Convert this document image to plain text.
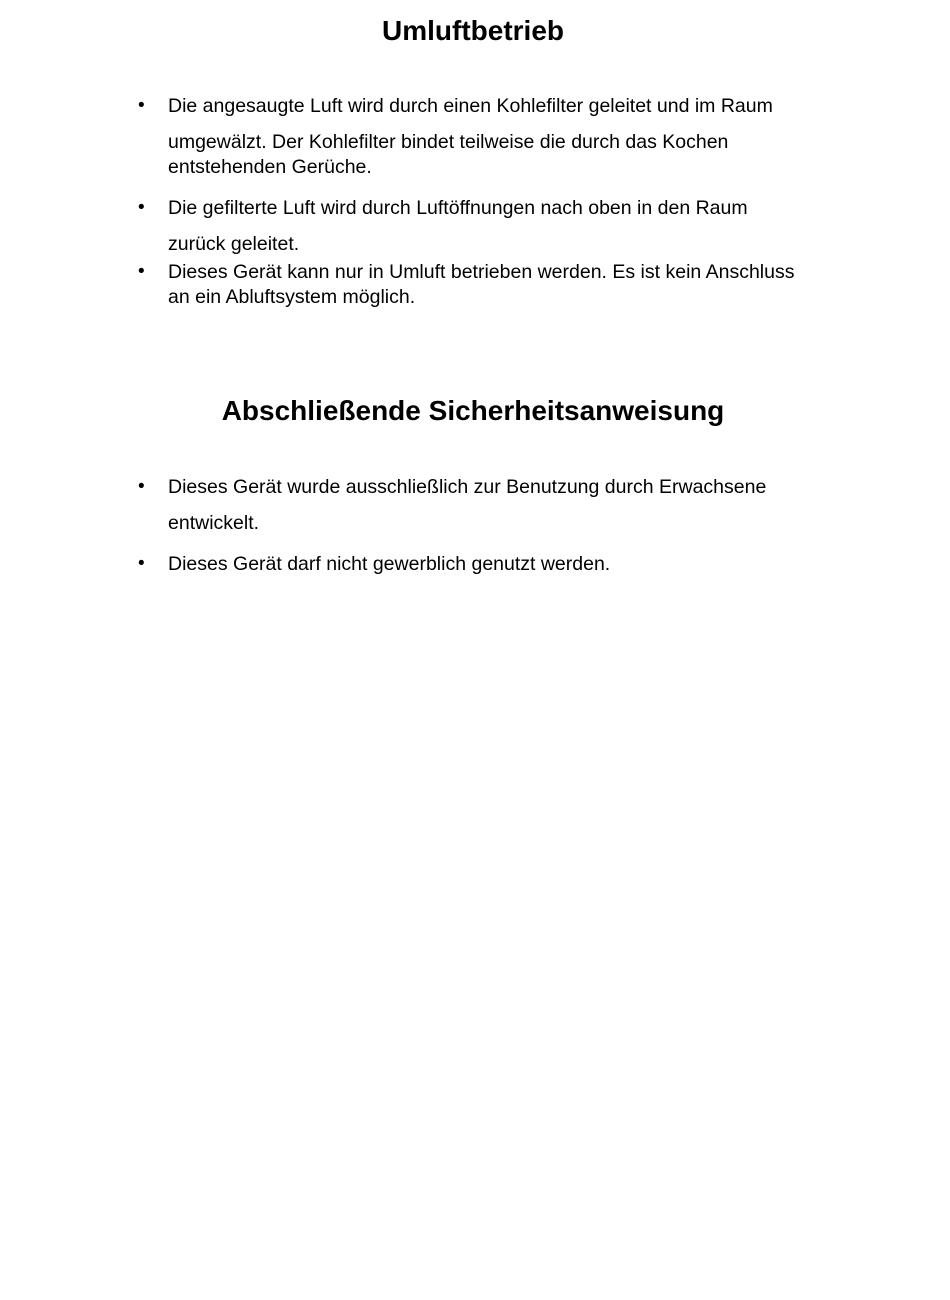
Umluftbetrieb
• Die angesaugte Luft wird durch einen Kohlefilter geleitet und im Raum
umgewälzt. Der Kohlefilter bindet teilweise die durch das Kochen
entstehenden Gerüche.
• Die gefilterte Luft wird durch Luftöffnungen nach oben in den Raum
zurück geleitet.
• Dieses Gerät kann nur in Umluft betrieben werden. Es ist kein Anschluss
an ein Abluftsystem möglich.
Abschließende Sicherheitsanweisung
• Dieses Gerät wurde ausschließlich zur Benutzung durch Erwachsene
entwickelt.
• Dieses Gerät darf nicht gewerblich genutzt werden.
